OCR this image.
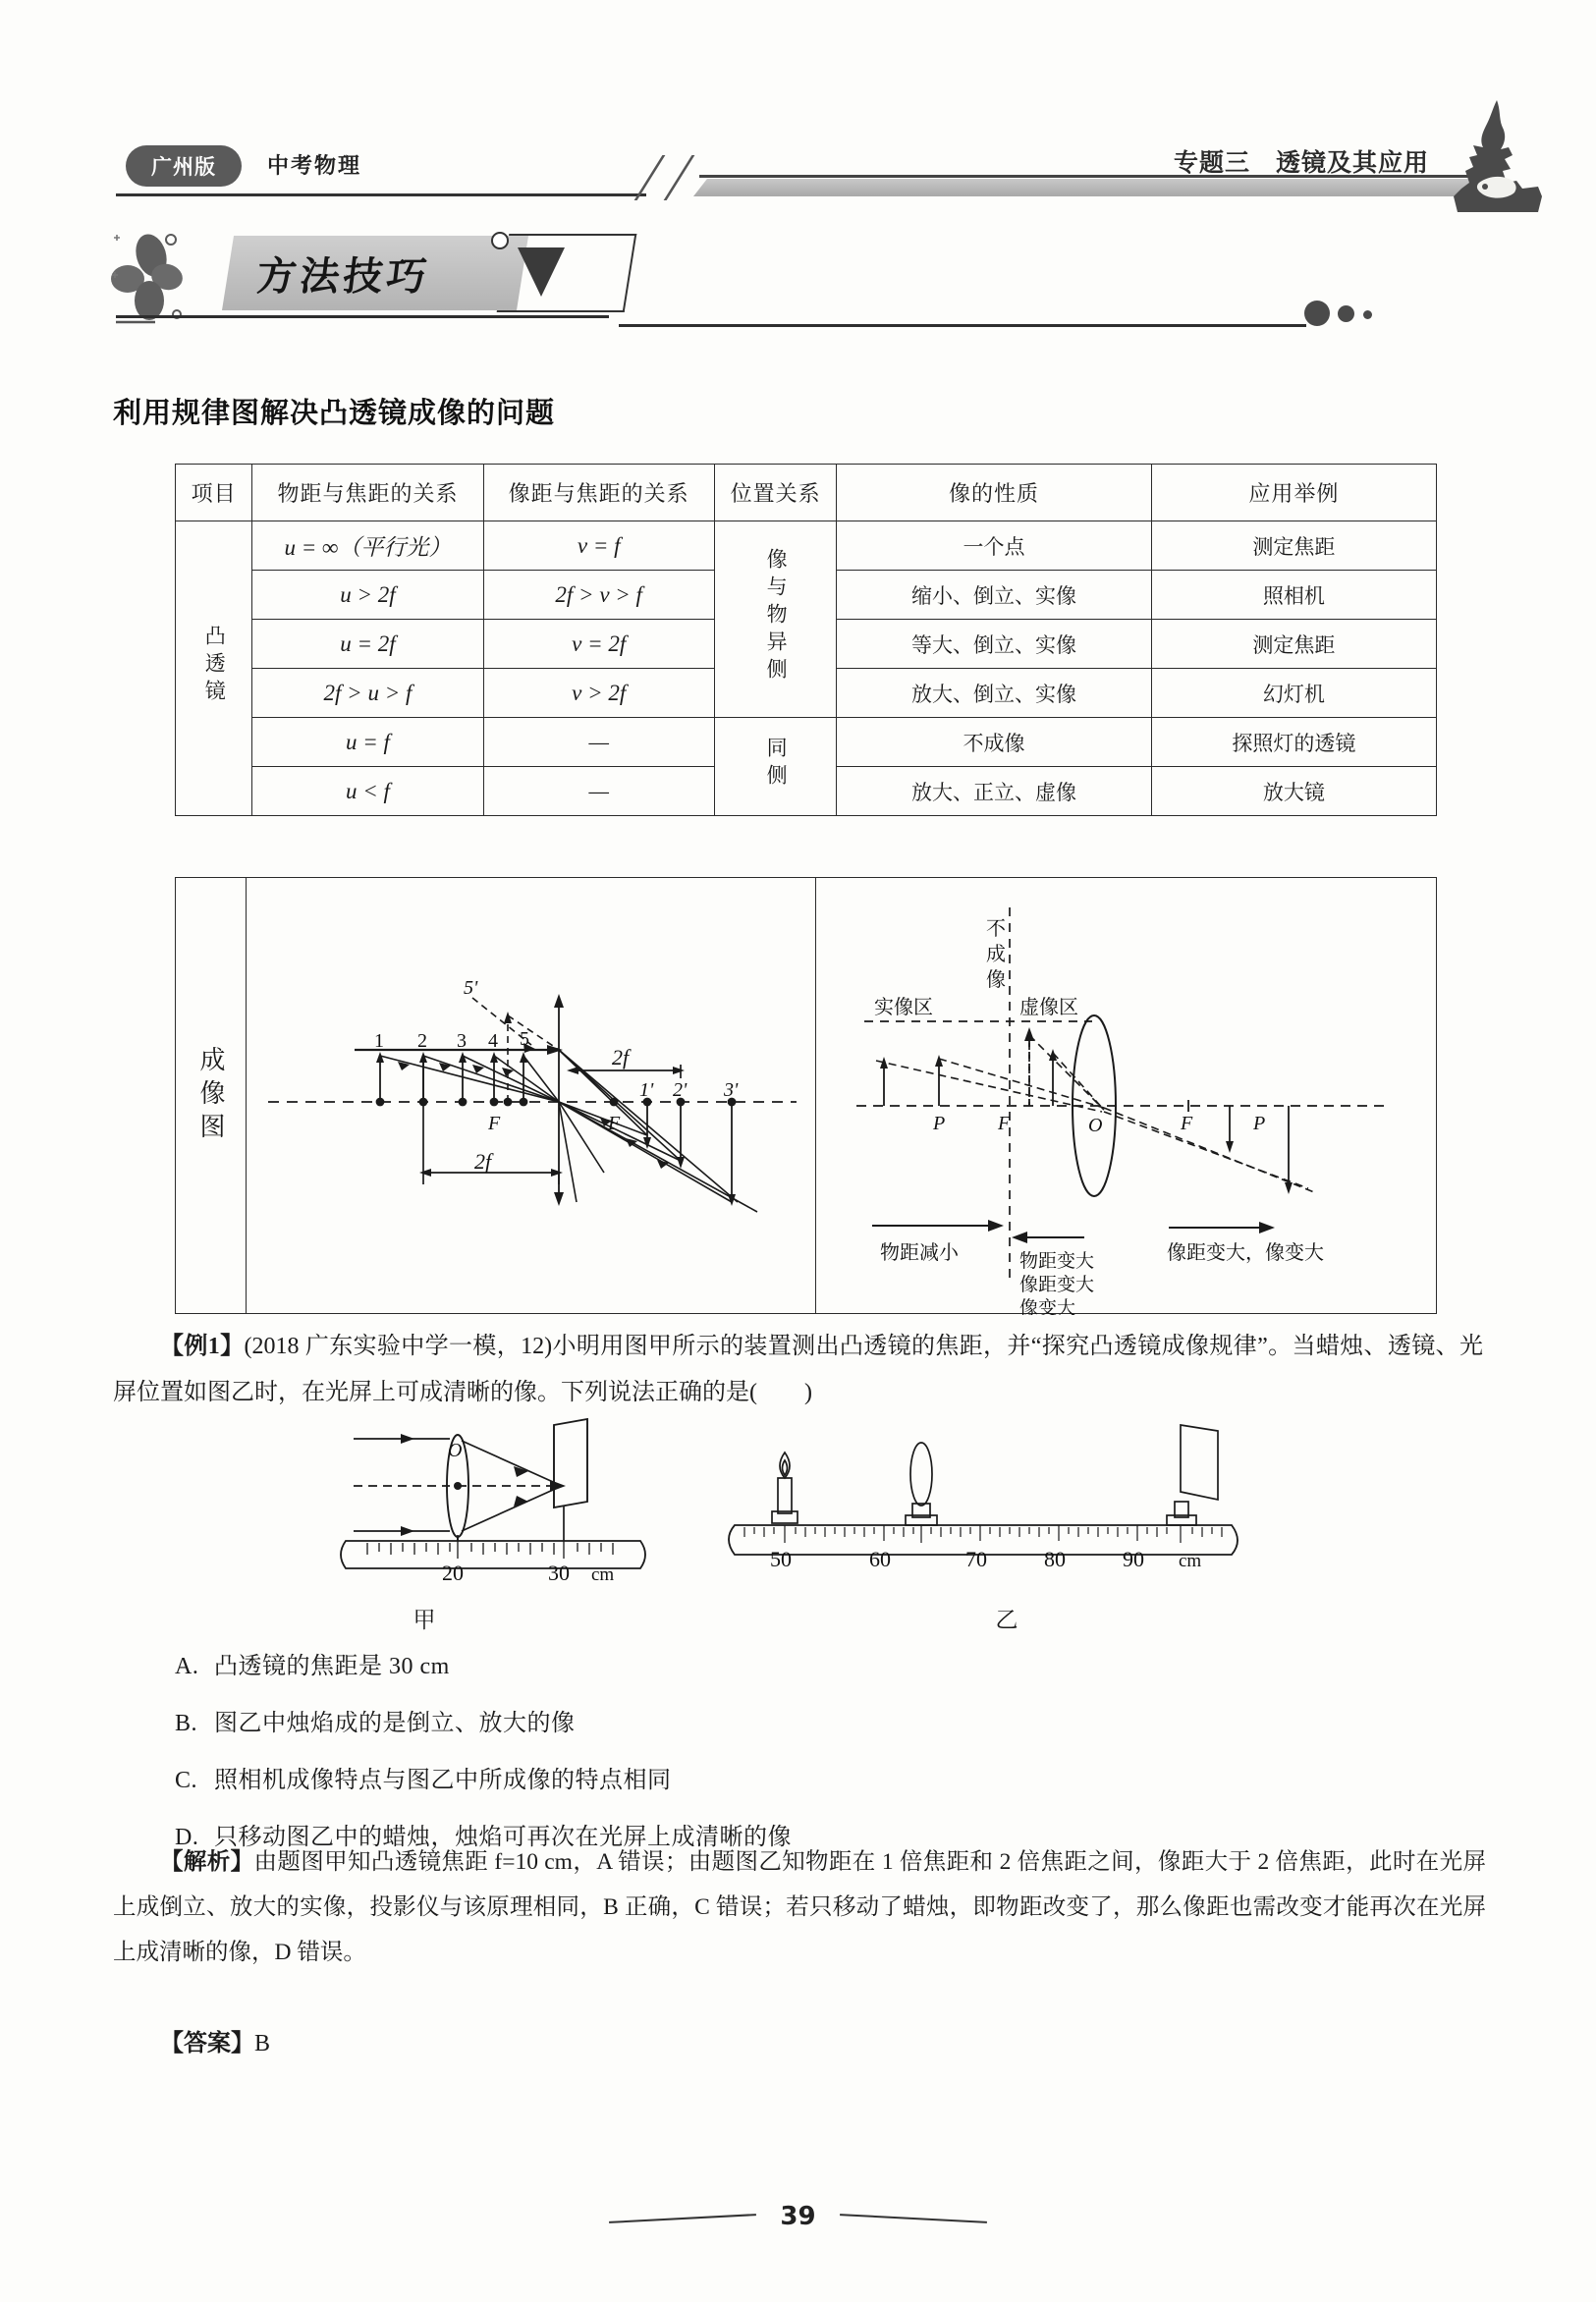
广州版	中考物理	专题三　透镜及其应用
方法技巧
利用规律图解决凸透镜成像的问题
项目	物距与焦距的关系	像距与焦距的关系	位置关系	像的性质	应用举例
凸透镜	u = ∞（平行光）	v = f	像与物异侧	一个点	测定焦距
	u > 2f	2f > v > f		缩小、倒立、实像	照相机
	u = 2f	v = 2f		等大、倒立、实像	测定焦距
	2f > u > f	v > 2f		放大、倒立、实像	幻灯机
	u = f	—	同侧	不成像	探照灯的透镜
	u < f	—		放大、正立、虚像	放大镜
成像图
1 2 3 4 5
5'
F	F
1' 2' 3'
2f
2f
不
成
像
实像区	虚像区
P	F	O	F	P
物距减小	物距变大
像距变大
像变大
像距变大，像变大
【例1】(2018 广东实验中学一模，12)小明用图甲所示的装置测出凸透镜的焦距，并“探究凸透镜成像规律”。当蜡烛、透镜、光屏位置如图乙时，在光屏上可成清晰的像。下列说法正确的是(　　)
20	30 cm
O
甲
50	60	70	80	90 cm
乙
A. 凸透镜的焦距是 30 cm
B. 图乙中烛焰成的是倒立、放大的像
C. 照相机成像特点与图乙中所成像的特点相同
D. 只移动图乙中的蜡烛，烛焰可再次在光屏上成清晰的像
【解析】由题图甲知凸透镜焦距 f=10 cm，A 错误；由题图乙知物距在 1 倍焦距和 2 倍焦距之间，像距大于 2 倍焦距，此时在光屏上成倒立、放大的实像，投影仪与该原理相同，B 正确，C 错误；若只移动了蜡烛，即物距改变了，那么像距也需改变才能再次在光屏上成清晰的像，D 错误。
【答案】B
39
